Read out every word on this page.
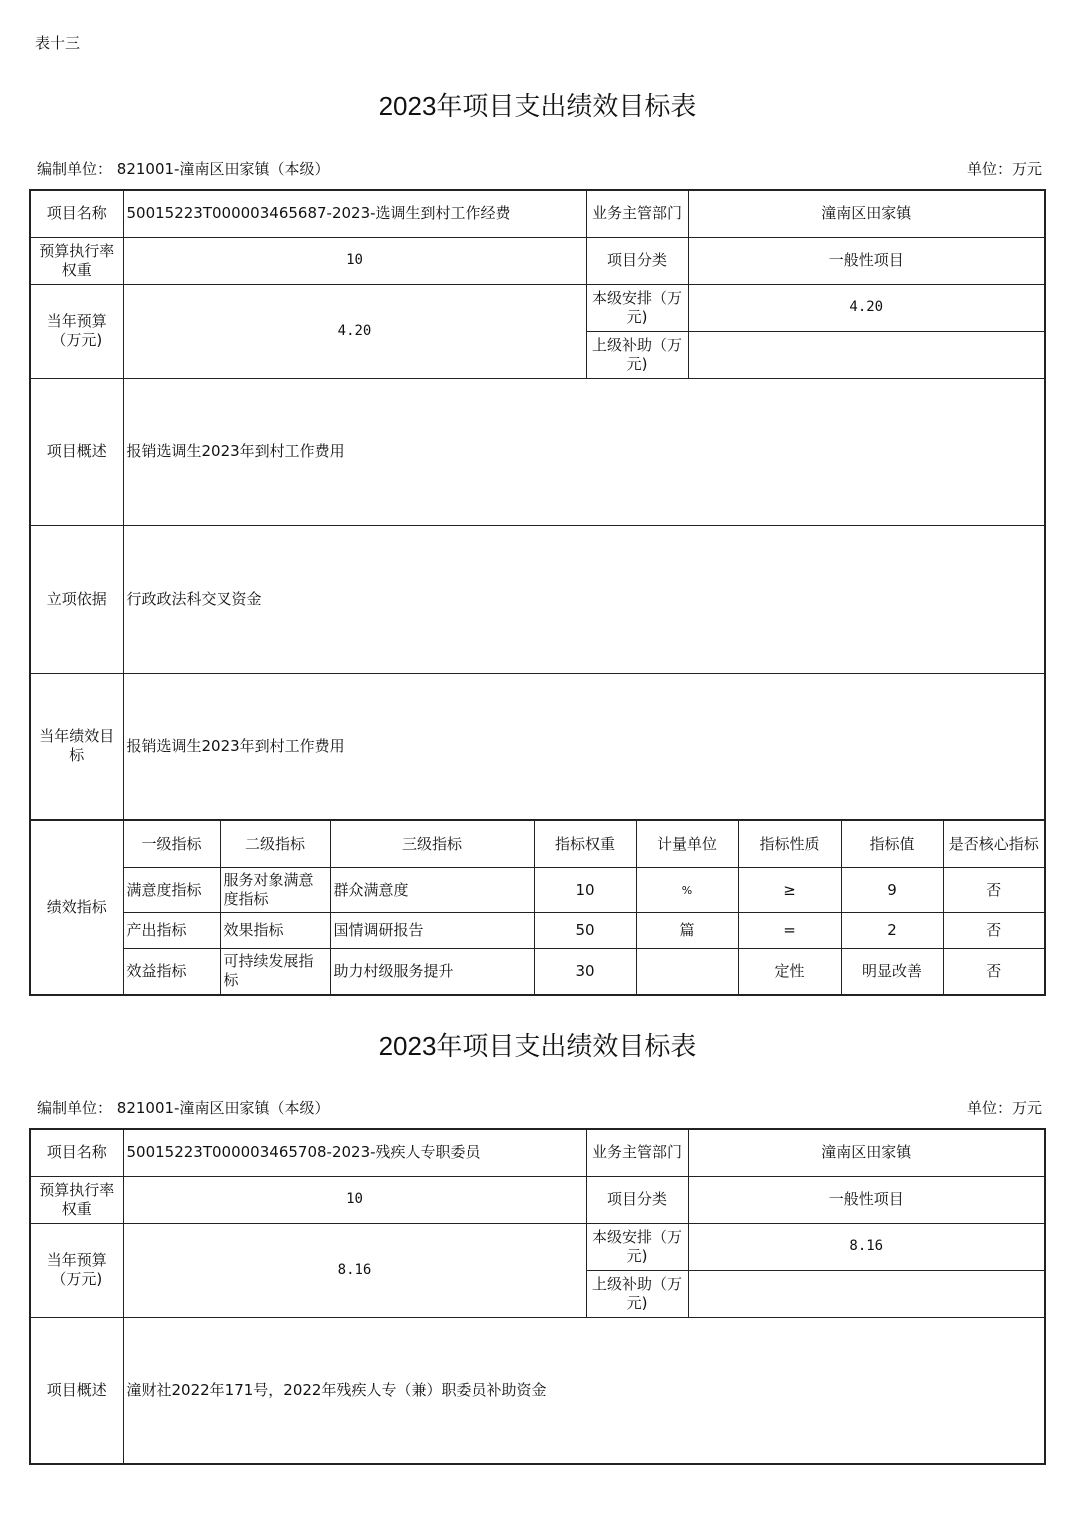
表十三
2023年项目支出绩效目标表
编制单位： 821001-潼南区田家镇（本级）	单位：万元
项目名称	50015223T000003465687-2023-选调生到村工作经费	业务主管部门	潼南区田家镇
预算执行率权重	10	项目分类	一般性项目
当年预算（万元)	4.20	本级安排（万元)	4.20
		上级补助（万元)	
项目概述	报销选调生2023年到村工作费用		
立项依据	行政政法科交叉资金		
当年绩效目标	报销选调生2023年到村工作费用		
绩效指标	一级指标	二级指标	三级指标	指标权重	计量单位	指标性质	指标值	是否核心指标
	满意度指标	服务对象满意度指标	群众满意度	10	%	≥	9	否
	产出指标	效果指标	国情调研报告	50	篇	=	2	否
	效益指标	可持续发展指标	助力村级服务提升	30		定性	明显改善	否
2023年项目支出绩效目标表
编制单位： 821001-潼南区田家镇（本级）	单位：万元
项目名称	50015223T000003465708-2023-残疾人专职委员	业务主管部门	潼南区田家镇
预算执行率权重	10	项目分类	一般性项目
当年预算（万元)	8.16	本级安排（万元)	8.16
		上级补助（万元)	
项目概述	潼财社2022年171号，2022年残疾人专（兼）职委员补助资金		
